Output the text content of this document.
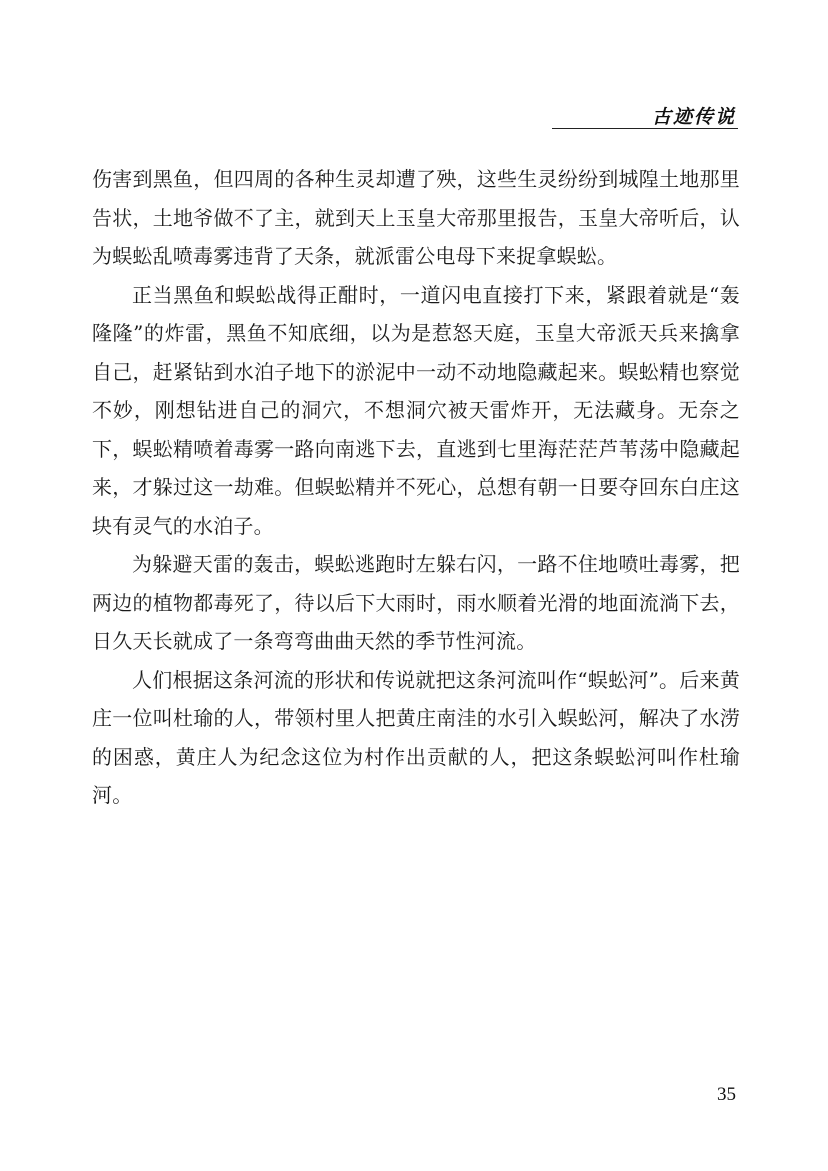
古迹传说

伤害到黑鱼，但四周的各种生灵却遭了殃，这些生灵纷纷到城隍土地那里告状，土地爷做不了主，就到天上玉皇大帝那里报告，玉皇大帝听后，认为蜈蚣乱喷毒雾违背了天条，就派雷公电母下来捉拿蜈蚣。

正当黑鱼和蜈蚣战得正酣时，一道闪电直接打下来，紧跟着就是“轰隆隆”的炸雷，黑鱼不知底细，以为是惹怒天庭，玉皇大帝派天兵来擒拿自己，赶紧钻到水泊子地下的淤泥中一动不动地隐藏起来。蜈蚣精也察觉不妙，刚想钻进自己的洞穴，不想洞穴被天雷炸开，无法藏身。无奈之下，蜈蚣精喷着毒雾一路向南逃下去，直逃到七里海茫茫芦苇荡中隐藏起来，才躲过这一劫难。但蜈蚣精并不死心，总想有朝一日要夺回东白庄这块有灵气的水泊子。

为躲避天雷的轰击，蜈蚣逃跑时左躲右闪，一路不住地喷吐毒雾，把两边的植物都毒死了，待以后下大雨时，雨水顺着光滑的地面流淌下去，日久天长就成了一条弯弯曲曲天然的季节性河流。

人们根据这条河流的形状和传说就把这条河流叫作“蜈蚣河”。后来黄庄一位叫杜瑜的人，带领村里人把黄庄南洼的水引入蜈蚣河，解决了水涝的困惑，黄庄人为纪念这位为村作出贡献的人，把这条蜈蚣河叫作杜瑜河。

35
